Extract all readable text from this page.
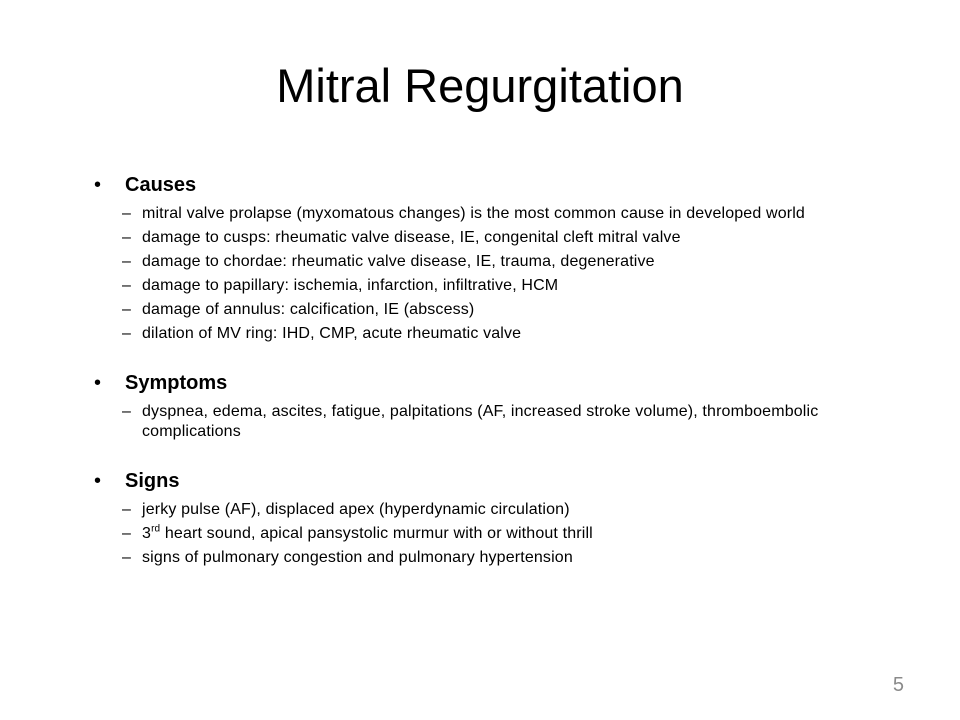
Mitral Regurgitation
•	Causes
– mitral valve prolapse (myxomatous changes) is the most common cause in developed world
– damage to cusps: rheumatic valve disease, IE, congenital cleft mitral valve
– damage to chordae: rheumatic valve disease, IE, trauma, degenerative
– damage to papillary: ischemia, infarction, infiltrative, HCM
– damage of annulus: calcification, IE (abscess)
– dilation of MV ring: IHD, CMP, acute rheumatic valve
•	Symptoms
– dyspnea, edema, ascites, fatigue, palpitations (AF, increased stroke volume), thromboembolic complications
•	Signs
– jerky pulse (AF), displaced apex (hyperdynamic circulation)
– 3rd heart sound, apical pansystolic murmur with or without thrill
– signs of pulmonary congestion and pulmonary hypertension
5
